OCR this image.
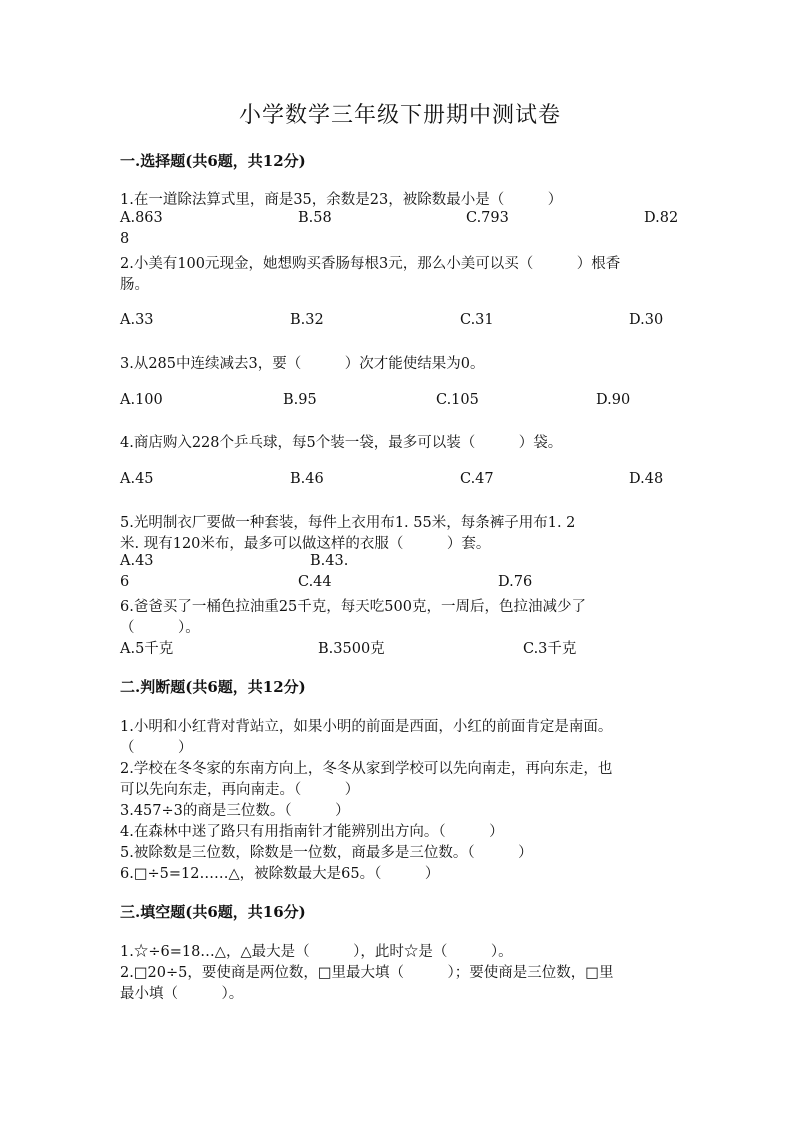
小学数学三年级下册期中测试卷
一.选择题(共6题，共12分)
1.在一道除法算式里，商是35，余数是23，被除数最小是（　　　）
A.863	B.58	C.793	D.82
8
2.小美有100元现金，她想购买香肠每根3元，那么小美可以买（　　　）根香
肠。
A.33	B.32	C.31	D.30
3.从285中连续减去3，要（　　　）次才能使结果为0。
A.100	B.95	C.105	D.90
4.商店购入228个乒乓球，每5个装一袋，最多可以装（　　　）袋。
A.45	B.46	C.47	D.48
5.光明制衣厂要做一种套装，每件上衣用布1. 55米，每条裤子用布1. 2
米. 现有120米布，最多可以做这样的衣服（　　　）套。
A.43	B.43.
6	C.44	D.76
6.爸爸买了一桶色拉油重25千克，每天吃500克，一周后，色拉油减少了
（　　　）。
A.5千克	B.3500克	C.3千克
二.判断题(共6题，共12分)
1.小明和小红背对背站立，如果小明的前面是西面，小红的前面肯定是南面。
（　　　）
2.学校在冬冬家的东南方向上，冬冬从家到学校可以先向南走，再向东走，也
可以先向东走，再向南走。（　　　）
3.457÷3的商是三位数。（　　　）
4.在森林中迷了路只有用指南针才能辨别出方向。（　　　）
5.被除数是三位数，除数是一位数，商最多是三位数。（　　　）
6.□÷5=12……△，被除数最大是65。（　　　）
三.填空题(共6题，共16分)
1.☆÷6=18…△，△最大是（　　　），此时☆是（　　　）。
2.□20÷5，要使商是两位数，□里最大填（　　　）；要使商是三位数，□里
最小填（　　　）。
